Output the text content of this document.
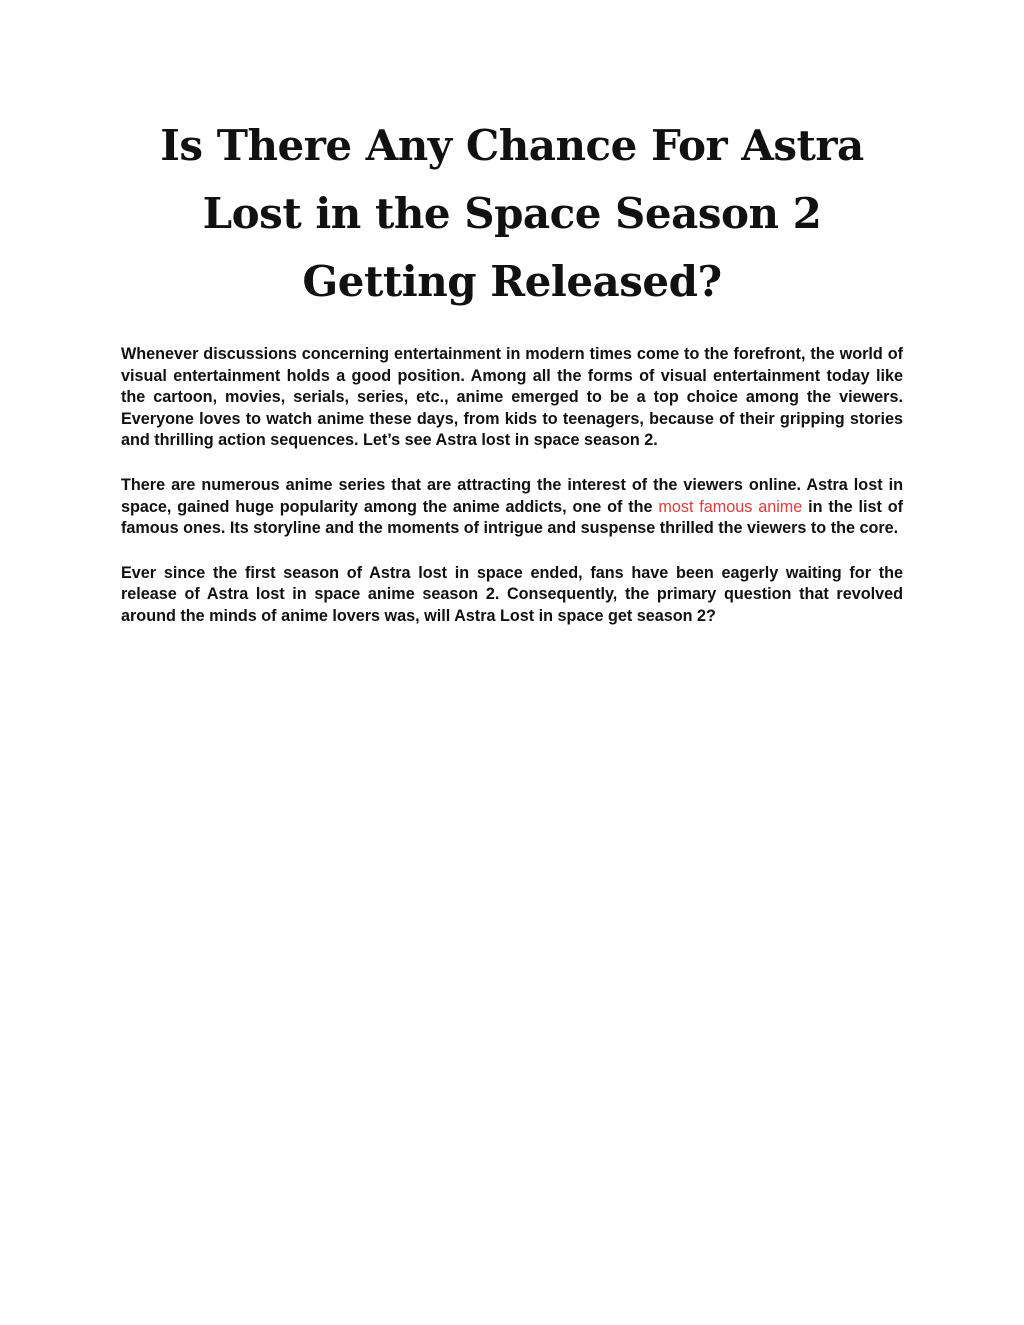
Is There Any Chance For Astra Lost in the Space Season 2 Getting Released?

Whenever discussions concerning entertainment in modern times come to the forefront, the world of visual entertainment holds a good position. Among all the forms of visual entertainment today like the cartoon, movies, serials, series, etc., anime emerged to be a top choice among the viewers. Everyone loves to watch anime these days, from kids to teenagers, because of their gripping stories and thrilling action sequences. Let’s see Astra lost in space season 2.

There are numerous anime series that are attracting the interest of the viewers online. Astra lost in space, gained huge popularity among the anime addicts, one of the most famous anime in the list of famous ones. Its storyline and the moments of intrigue and suspense thrilled the viewers to the core.

Ever since the first season of Astra lost in space ended, fans have been eagerly waiting for the release of Astra lost in space anime season 2. Consequently, the primary question that revolved around the minds of anime lovers was, will Astra Lost in space get season 2?
